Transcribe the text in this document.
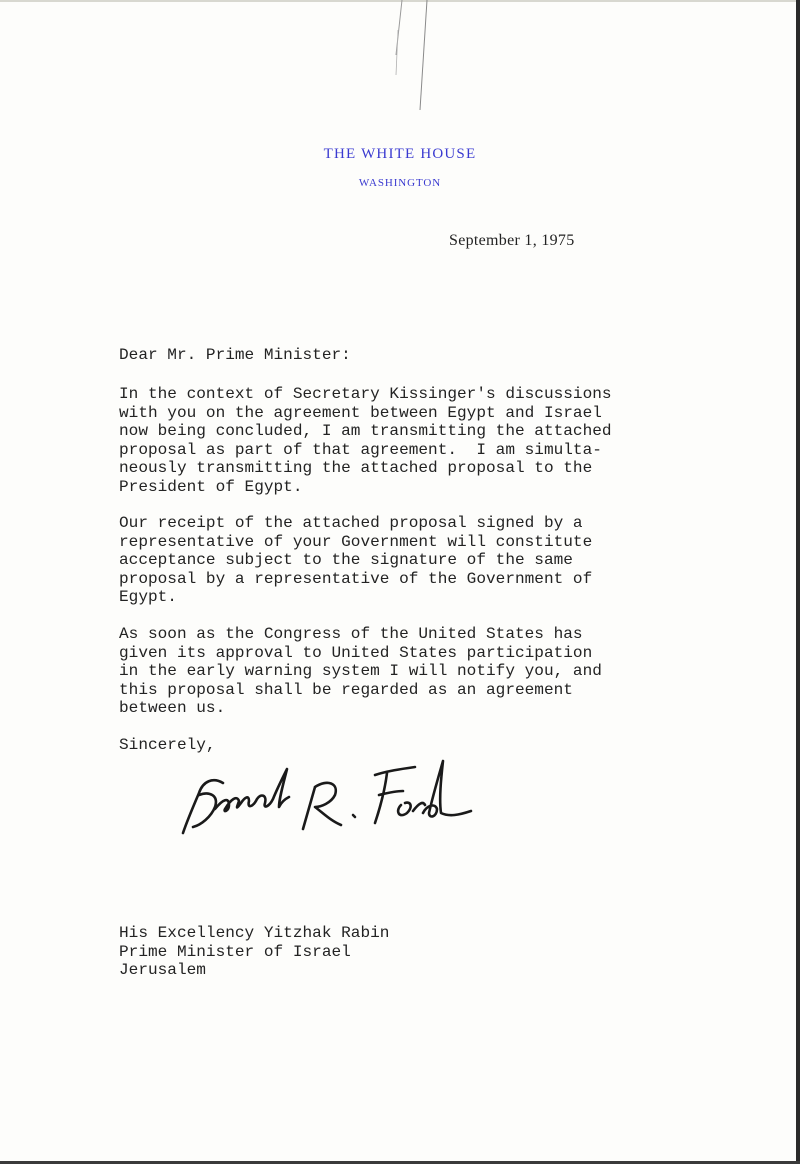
THE WHITE HOUSE
WASHINGTON
September 1, 1975
Dear Mr. Prime Minister:
In the context of Secretary Kissinger's discussions
with you on the agreement between Egypt and Israel
now being concluded, I am transmitting the attached
proposal as part of that agreement.  I am simulta-
neously transmitting the attached proposal to the
President of Egypt.
Our receipt of the attached proposal signed by a
representative of your Government will constitute
acceptance subject to the signature of the same
proposal by a representative of the Government of
Egypt.
As soon as the Congress of the United States has
given its approval to United States participation
in the early warning system I will notify you, and
this proposal shall be regarded as an agreement
between us.
Sincerely,
His Excellency Yitzhak Rabin
Prime Minister of Israel
Jerusalem
